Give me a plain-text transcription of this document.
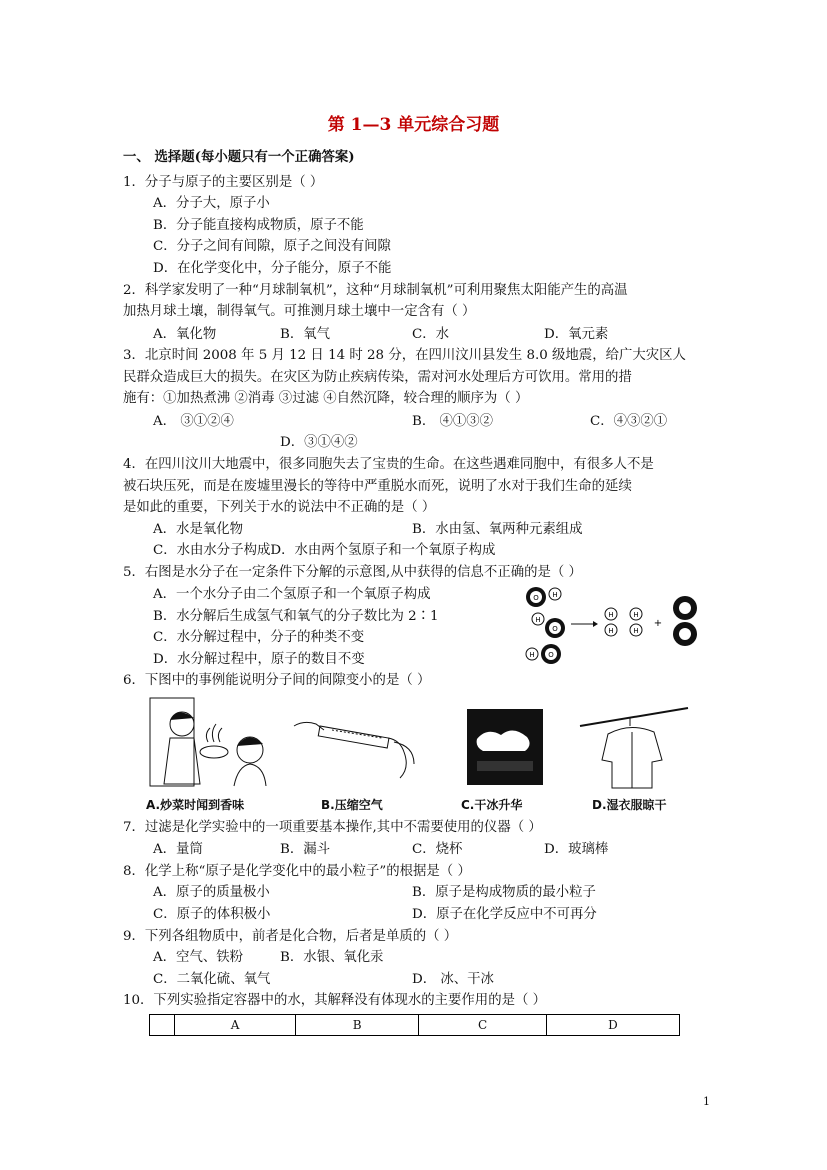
第 1—3 单元综合习题
一、 选择题(每小题只有一个正确答案)
1．分子与原子的主要区别是（ ）
A．分子大，原子小
B．分子能直接构成物质，原子不能
C．分子之间有间隙，原子之间没有间隙
D．在化学变化中，分子能分，原子不能
2．科学家发明了一种“月球制氧机”，这种“月球制氧机”可利用聚焦太阳能产生的高温
加热月球土壤，制得氧气。可推测月球土壤中一定含有（ ）
A．氧化物	B．氧气	C．水	D．氧元素
3．北京时间 2008 年 5 月 12 日 14 时 28 分，在四川汶川县发生 8.0 级地震，给广大灾区人
民群众造成巨大的损失。在灾区为防止疾病传染，需对河水处理后方可饮用。常用的措
施有：①加热煮沸 ②消毒 ③过滤 ④自然沉降，较合理的顺序为（ ）
A． ③①②④	B． ④①③②	C．④③②①
D．③①④②
4．在四川汶川大地震中，很多同胞失去了宝贵的生命。在这些遇难同胞中，有很多人不是
被石块压死，而是在废墟里漫长的等待中严重脱水而死，说明了水对于我们生命的延续
是如此的重要，下列关于水的说法中不正确的是（ ）
A．水是氧化物	B．水由氢、氧两种元素组成
C．水由水分子构成D．水由两个氢原子和一个氧原子构成
5．右图是水分子在一定条件下分解的示意图,从中获得的信息不正确的是（ ）
A．一个水分子由二个氢原子和一个氧原子构成
B．水分解后生成氢气和氧气的分子数比为 2∶1
C．水分解过程中，分子的种类不变
D．水分解过程中，原子的数目不变
O H
H
O
H O
H
H
H
H
+
6．下图中的事例能说明分子间的间隙变小的是（ ）
A.炒菜时闻到香味	B.压缩空气	C.干冰升华	D.湿衣服晾干
7．过滤是化学实验中的一项重要基本操作,其中不需要使用的仪器（ ）
A．量筒	B．漏斗	C．烧杯	D．玻璃棒
8．化学上称“原子是化学变化中的最小粒子”的根据是（ ）
A．原子的质量极小	B．原子是构成物质的最小粒子
C．原子的体积极小	D．原子在化学反应中不可再分
9．下列各组物质中，前者是化合物，后者是单质的（ ）
A．空气、铁粉	B．水银、氧化汞
C．二氧化硫、氧气	D． 冰、干冰
10．下列实验指定容器中的水，其解释没有体现水的主要作用的是（ ）
	A	B	C	D
1
